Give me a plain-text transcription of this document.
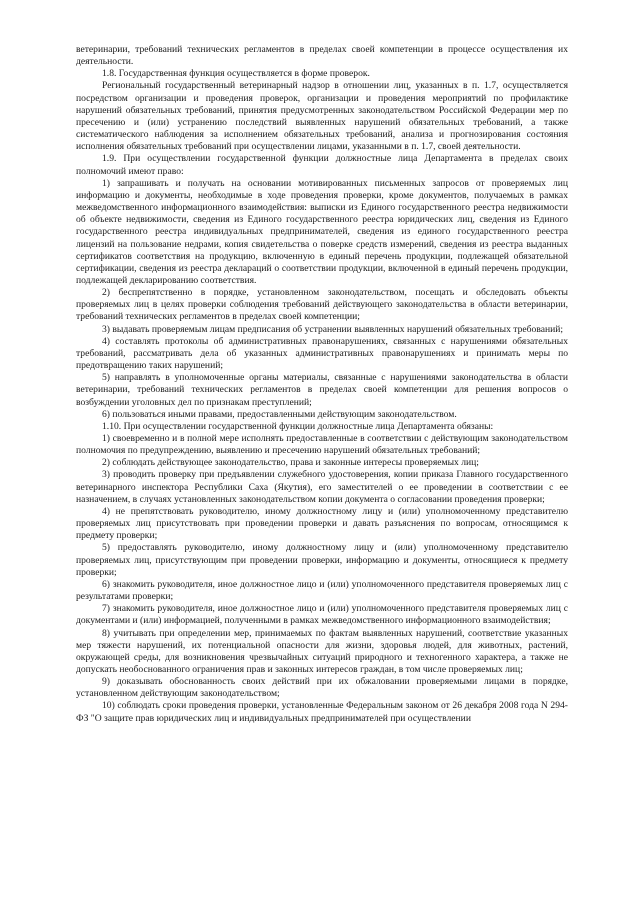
ветеринарии, требований технических регламентов в пределах своей компетенции в процессе осуществления их деятельности.

1.8. Государственная функция осуществляется в форме проверок.

Региональный государственный ветеринарный надзор в отношении лиц, указанных в п. 1.7, осуществляется посредством организации и проведения проверок, организации и проведения мероприятий по профилактике нарушений обязательных требований, принятия предусмотренных законодательством Российской Федерации мер по пресечению и (или) устранению последствий выявленных нарушений обязательных требований, а также систематического наблюдения за исполнением обязательных требований, анализа и прогнозирования состояния исполнения обязательных требований при осуществлении лицами, указанными в п. 1.7, своей деятельности.

1.9. При осуществлении государственной функции должностные лица Департамента в пределах своих полномочий имеют право:

1) запрашивать и получать на основании мотивированных письменных запросов от проверяемых лиц информацию и документы, необходимые в ходе проведения проверки, кроме документов, получаемых в рамках межведомственного информационного взаимодействия: выписки из Единого государственного реестра недвижимости об объекте недвижимости, сведения из Единого государственного реестра юридических лиц, сведения из Единого государственного реестра индивидуальных предпринимателей, сведения из единого государственного реестра лицензий на пользование недрами, копия свидетельства о поверке средств измерений, сведения из реестра выданных сертификатов соответствия на продукцию, включенную в единый перечень продукции, подлежащей обязательной сертификации, сведения из реестра деклараций о соответствии продукции, включенной в единый перечень продукции, подлежащей декларированию соответствия.

2) беспрепятственно в порядке, установленном законодательством, посещать и обследовать объекты проверяемых лиц в целях проверки соблюдения требований действующего законодательства в области ветеринарии, требований технических регламентов в пределах своей компетенции;

3) выдавать проверяемым лицам предписания об устранении выявленных нарушений обязательных требований;

4) составлять протоколы об административных правонарушениях, связанных с нарушениями обязательных требований, рассматривать дела об указанных административных правонарушениях и принимать меры по предотвращению таких нарушений;

5) направлять в уполномоченные органы материалы, связанные с нарушениями законодательства в области ветеринарии, требований технических регламентов в пределах своей компетенции для решения вопросов о возбуждении уголовных дел по признакам преступлений;

6) пользоваться иными правами, предоставленными действующим законодательством.

1.10. При осуществлении государственной функции должностные лица Департамента обязаны:

1) своевременно и в полной мере исполнять предоставленные в соответствии с действующим законодательством полномочия по предупреждению, выявлению и пресечению нарушений обязательных требований;

2) соблюдать действующее законодательство, права и законные интересы проверяемых лиц;

3) проводить проверку при предъявлении служебного удостоверения, копии приказа Главного государственного ветеринарного инспектора Республики Саха (Якутия), его заместителей о ее проведении в соответствии с ее назначением, в случаях установленных законодательством копии документа о согласовании проведения проверки;

4) не препятствовать руководителю, иному должностному лицу и (или) уполномоченному представителю проверяемых лиц присутствовать при проведении проверки и давать разъяснения по вопросам, относящимся к предмету проверки;

5) предоставлять руководителю, иному должностному лицу и (или) уполномоченному представителю проверяемых лиц, присутствующим при проведении проверки, информацию и документы, относящиеся к предмету проверки;

6) знакомить руководителя, иное должностное лицо и (или) уполномоченного представителя проверяемых лиц с результатами проверки;

7) знакомить руководителя, иное должностное лицо и (или) уполномоченного представителя проверяемых лиц с документами и (или) информацией, полученными в рамках межведомственного информационного взаимодействия;

8) учитывать при определении мер, принимаемых по фактам выявленных нарушений, соответствие указанных мер тяжести нарушений, их потенциальной опасности для жизни, здоровья людей, для животных, растений, окружающей среды, для возникновения чрезвычайных ситуаций природного и техногенного характера, а также не допускать необоснованного ограничения прав и законных интересов граждан, в том числе проверяемых лиц;

9) доказывать обоснованность своих действий при их обжаловании проверяемыми лицами в порядке, установленном действующим законодательством;

10) соблюдать сроки проведения проверки, установленные Федеральным законом от 26 декабря 2008 года N 294-ФЗ "О защите прав юридических лиц и индивидуальных предпринимателей при осуществлении
